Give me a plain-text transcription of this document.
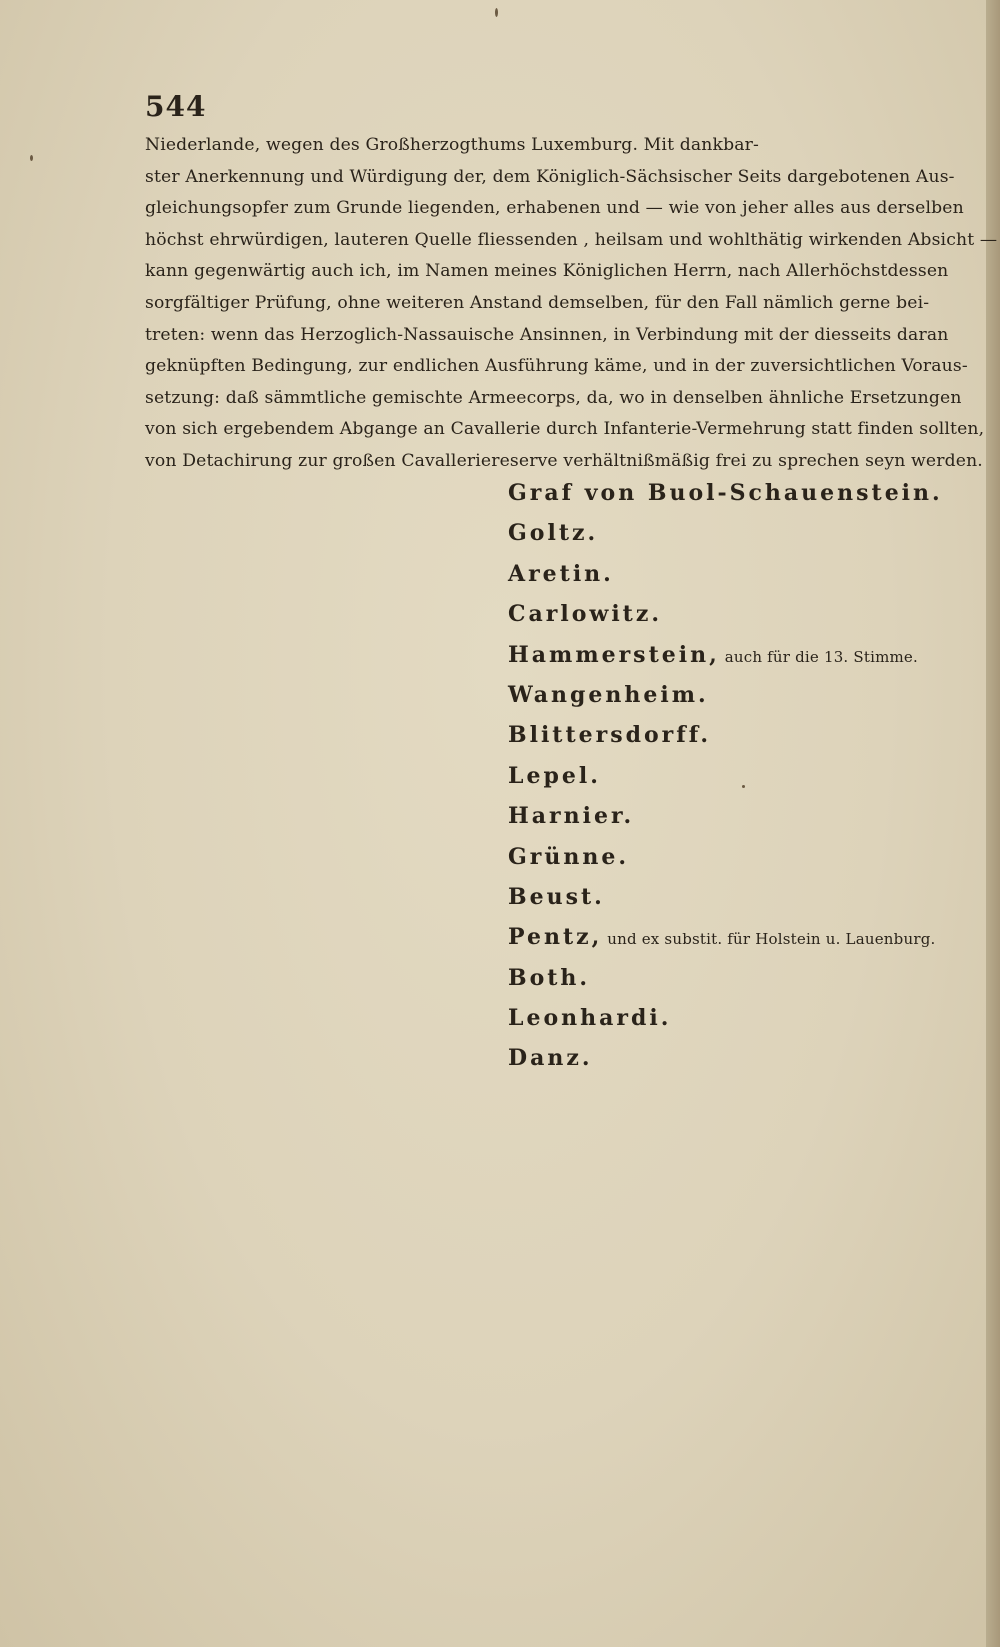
544
Niederlande, wegen des Großherzogthums Luxemburg. Mit dankbar-
ster Anerkennung und Würdigung der, dem Königlich-Sächsischer Seits dargebotenen Aus-
gleichungsopfer zum Grunde liegenden, erhabenen und — wie von jeher alles aus derselben
höchst ehrwürdigen, lauteren Quelle fliessenden , heilsam und wohlthätig wirkenden Absicht —
kann gegenwärtig auch ich, im Namen meines Königlichen Herrn, nach Allerhöchstdessen
sorgfältiger Prüfung, ohne weiteren Anstand demselben, für den Fall nämlich gerne bei-
treten: wenn das Herzoglich-Nassauische Ansinnen, in Verbindung mit der diesseits daran
geknüpften Bedingung, zur endlichen Ausführung käme, und in der zuversichtlichen Voraus-
setzung: daß sämmtliche gemischte Armeecorps, da, wo in denselben ähnliche Ersetzungen
von sich ergebendem Abgange an Cavallerie durch Infanterie-Vermehrung statt finden sollten,
von Detachirung zur großen Cavalleriereserve verhältnißmäßig frei zu sprechen seyn werden.
Graf von Buol-Schauenstein.
Goltz.
Aretin.
Carlowitz.
Hammerstein, auch für die 13. Stimme.
Wangenheim.
Blittersdorff.
Lepel.
Harnier.
Grünne.
Beust.
Pentz, und ex substit. für Holstein u. Lauenburg.
Both.
Leonhardi.
Danz.
